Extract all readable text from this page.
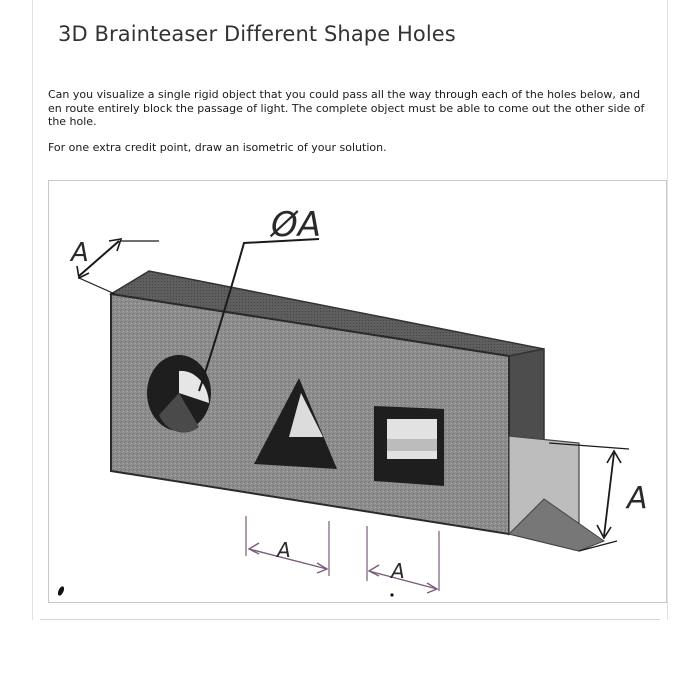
3D Brainteaser Different Shape Holes

Can you visualize a single rigid object that you could pass all the way through each of the holes below, and en route entirely block the passage of light. The complete object must be able to come out the other side of the hole.

For one extra credit point, draw an isometric of your solution.

ØA
A
A
A
A
